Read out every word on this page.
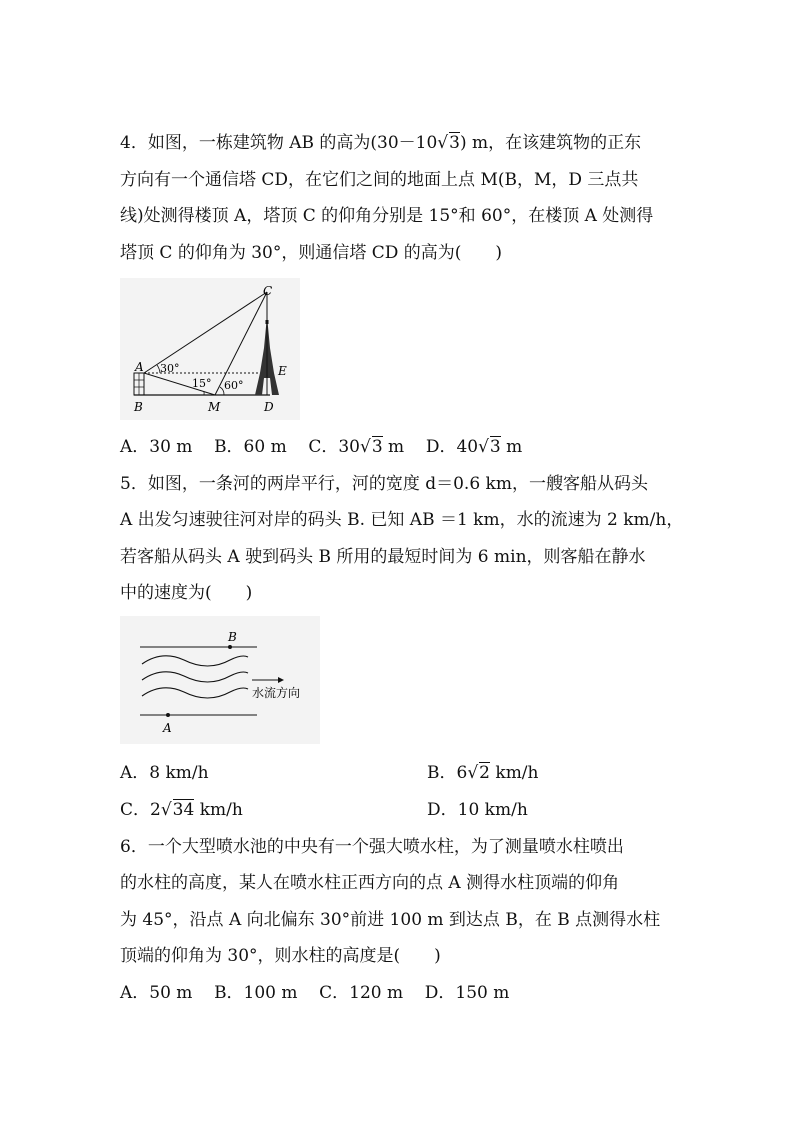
4．如图，一栋建筑物 AB 的高为(30－10√3) m，在该建筑物的正东
方向有一个通信塔 CD，在它们之间的地面上点 M(B，M，D 三点共
线)处测得楼顶 A，塔顶 C 的仰角分别是 15°和 60°，在楼顶 A 处测得
塔顶 C 的仰角为 30°，则通信塔 CD 的高为(　　)
C
A
B	M	D
E
30°
15° 60°
A．30 m B．60 m C．30√3 m D．40√3 m
5．如图，一条河的两岸平行，河的宽度 d＝0.6 km，一艘客船从码头
A 出发匀速驶往河对岸的码头 B. 已知 AB ＝1 km，水的流速为 2 km/h，
若客船从码头 A 驶到码头 B 所用的最短时间为 6 min，则客船在静水
中的速度为(　　)
B
A
水流方向
A．8 km/h	B．6√2 km/h
C．2√34 km/h	D．10 km/h
6．一个大型喷水池的中央有一个强大喷水柱，为了测量喷水柱喷出
的水柱的高度，某人在喷水柱正西方向的点 A 测得水柱顶端的仰角
为 45°，沿点 A 向北偏东 30°前进 100 m 到达点 B，在 B 点测得水柱
顶端的仰角为 30°，则水柱的高度是(　　)
A．50 m B．100 m C．120 m D．150 m
